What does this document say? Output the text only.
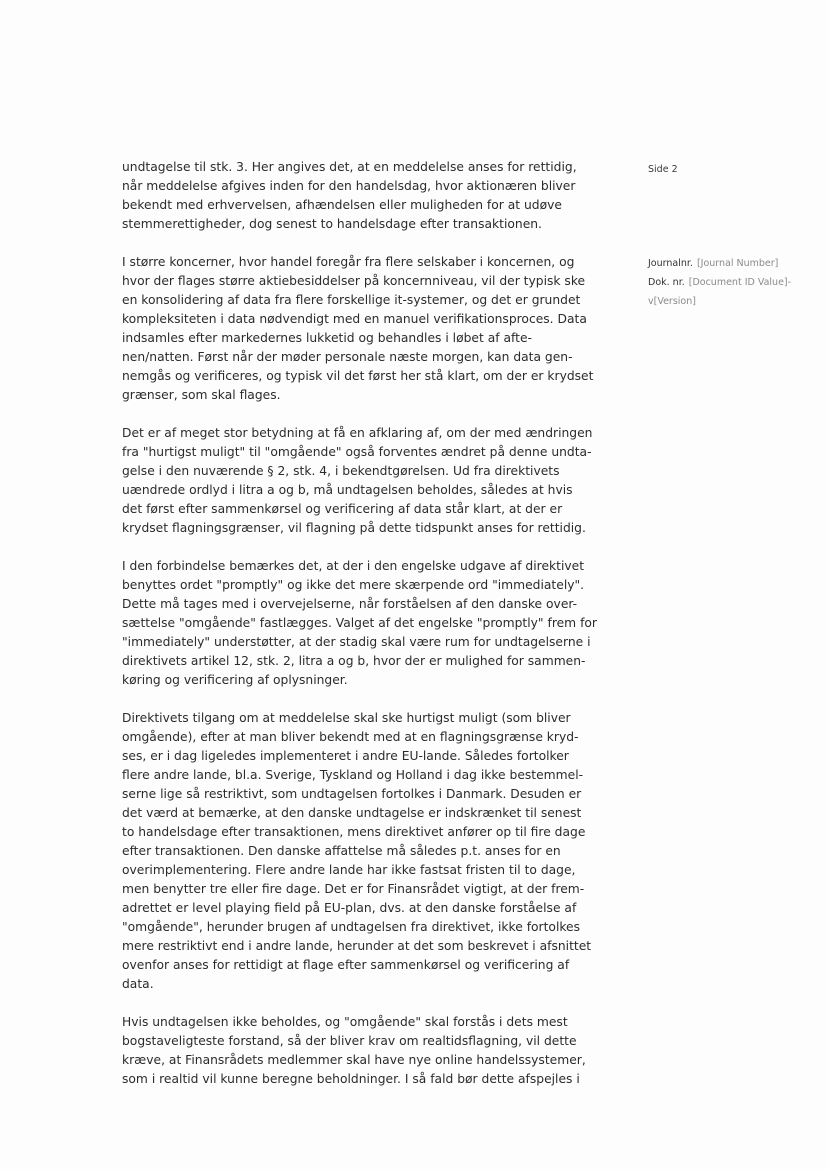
Side 2
Journalnr. [Journal Number]
Dok. nr. [Document ID Value]-
v[Version]

undtagelse til stk. 3. Her angives det, at en meddelelse anses for rettidig,
når meddelelse afgives inden for den handelsdag, hvor aktionæren bliver
bekendt med erhvervelsen, afhændelsen eller muligheden for at udøve
stemmerettigheder, dog senest to handelsdage efter transaktionen.

I større koncerner, hvor handel foregår fra flere selskaber i koncernen, og
hvor der flages større aktiebesiddelser på koncernniveau, vil der typisk ske
en konsolidering af data fra flere forskellige it-systemer, og det er grundet
kompleksiteten i data nødvendigt med en manuel verifikationsproces. Data
indsamles efter markedernes lukketid og behandles i løbet af afte-
nen/natten. Først når der møder personale næste morgen, kan data gen-
nemgås og verificeres, og typisk vil det først her stå klart, om der er krydset
grænser, som skal flages.

Det er af meget stor betydning at få en afklaring af, om der med ændringen
fra "hurtigst muligt" til "omgående" også forventes ændret på denne undta-
gelse i den nuværende § 2, stk. 4, i bekendtgørelsen. Ud fra direktivets
uændrede ordlyd i litra a og b, må undtagelsen beholdes, således at hvis
det først efter sammenkørsel og verificering af data står klart, at der er
krydset flagningsgrænser, vil flagning på dette tidspunkt anses for rettidig.

I den forbindelse bemærkes det, at der i den engelske udgave af direktivet
benyttes ordet "promptly" og ikke det mere skærpende ord "immediately".
Dette må tages med i overvejelserne, når forståelsen af den danske over-
sættelse "omgående" fastlægges. Valget af det engelske "promptly" frem for
"immediately" understøtter, at der stadig skal være rum for undtagelserne i
direktivets artikel 12, stk. 2, litra a og b, hvor der er mulighed for sammen-
køring og verificering af oplysninger.

Direktivets tilgang om at meddelelse skal ske hurtigst muligt (som bliver
omgående), efter at man bliver bekendt med at en flagningsgrænse kryd-
ses, er i dag ligeledes implementeret i andre EU-lande. Således fortolker
flere andre lande, bl.a. Sverige, Tyskland og Holland i dag ikke bestemmel-
serne lige så restriktivt, som undtagelsen fortolkes i Danmark. Desuden er
det værd at bemærke, at den danske undtagelse er indskrænket til senest
to handelsdage efter transaktionen, mens direktivet anfører op til fire dage
efter transaktionen. Den danske affattelse må således p.t. anses for en
overimplementering. Flere andre lande har ikke fastsat fristen til to dage,
men benytter tre eller fire dage. Det er for Finansrådet vigtigt, at der frem-
adrettet er level playing field på EU-plan, dvs. at den danske forståelse af
"omgående", herunder brugen af undtagelsen fra direktivet, ikke fortolkes
mere restriktivt end i andre lande, herunder at det som beskrevet i afsnittet
ovenfor anses for rettidigt at flage efter sammenkørsel og verificering af
data.

Hvis undtagelsen ikke beholdes, og "omgående" skal forstås i dets mest
bogstaveligteste forstand, så der bliver krav om realtidsflagning, vil dette
kræve, at Finansrådets medlemmer skal have nye online handelssystemer,
som i realtid vil kunne beregne beholdninger. I så fald bør dette afspejles i
